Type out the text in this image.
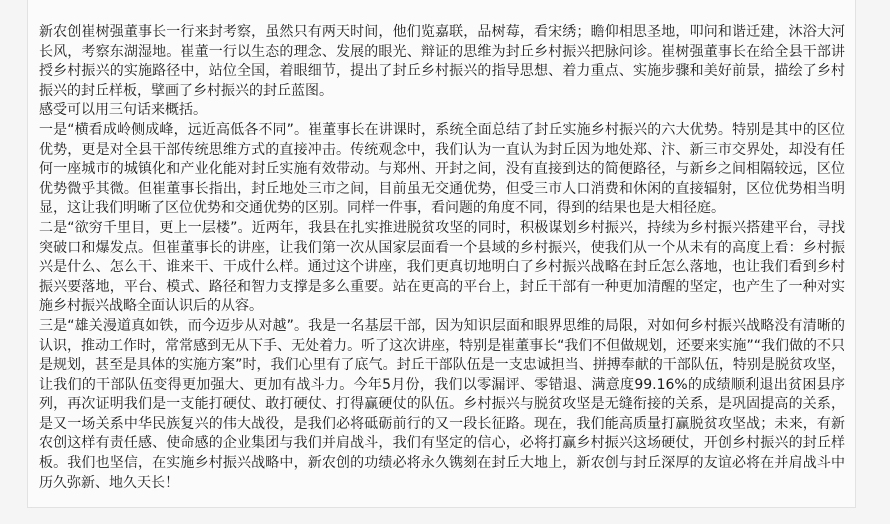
新农创崔树强董事长一行来封考察，虽然只有两天时间，他们览嘉联，品树莓，看宋绣；瞻仰相思圣地，叩问和谐迁建，沐浴大河长风，考察东湖湿地。崔董一行以生态的理念、发展的眼光、辩证的思维为封丘乡村振兴把脉问诊。崔树强董事长在给全县干部讲授乡村振兴的实施路径中，站位全国，着眼细节，提出了封丘乡村振兴的指导思想、着力重点、实施步骤和美好前景，描绘了乡村振兴的封丘样板，擘画了乡村振兴的封丘蓝图。

感受可以用三句话来概括。

一是“横看成岭侧成峰，远近高低各不同”。崔董事长在讲课时，系统全面总结了封丘实施乡村振兴的六大优势。特别是其中的区位优势，更是对全县干部传统思维方式的直接冲击。传统观念中，我们认为一直认为封丘因为地处郑、汴、新三市交界处，却没有任何一座城市的城镇化和产业化能对封丘实施有效带动。与郑州、开封之间，没有直接到达的简便路径，与新乡之间相隔较远，区位优势微乎其微。但崔董事长指出，封丘地处三市之间，目前虽无交通优势，但受三市人口消费和休闲的直接辐射，区位优势相当明显，这让我们明晰了区位优势和交通优势的区别。同样一件事，看问题的角度不同，得到的结果也是大相径庭。

二是“欲穷千里目，更上一层楼”。近两年，我县在扎实推进脱贫攻坚的同时，积极谋划乡村振兴，持续为乡村振兴搭建平台，寻找突破口和爆发点。但崔董事长的讲座，让我们第一次从国家层面看一个县域的乡村振兴，使我们从一个从未有的高度上看：乡村振兴是什么、怎么干、谁来干、干成什么样。通过这个讲座，我们更真切地明白了乡村振兴战略在封丘怎么落地，也让我们看到乡村振兴要落地，平台、模式、路径和智力支撑是多么重要。站在更高的平台上，封丘干部有一种更加清醒的坚定，也产生了一种对实施乡村振兴战略全面认识后的从容。

三是“雄关漫道真如铁，而今迈步从对越”。我是一名基层干部，因为知识层面和眼界思维的局限，对如何乡村振兴战略没有清晰的认识，推动工作时，常常感到无从下手、无处着力。听了这次讲座，特别是崔董事长“我们不但做规划，还要来实施”“我们做的不只是规划，甚至是具体的实施方案”时，我们心里有了底气。封丘干部队伍是一支忠诚担当、拼搏奉献的干部队伍，特别是脱贫攻坚，让我们的干部队伍变得更加强大、更加有战斗力。今年5月份，我们以零漏评、零错退、满意度99.16%的成绩顺利退出贫困县序列，再次证明我们是一支能打硬仗、敢打硬仗、打得赢硬仗的队伍。乡村振兴与脱贫攻坚是无缝衔接的关系，是巩固提高的关系，是又一场关系中华民族复兴的伟大战役，是我们必将砥砺前行的又一段长征路。现在，我们能高质量打赢脱贫攻坚战；未来，有新农创这样有责任感、使命感的企业集团与我们并肩战斗，我们有坚定的信心，必将打赢乡村振兴这场硬仗，开创乡村振兴的封丘样板。我们也坚信，在实施乡村振兴战略中，新农创的功绩必将永久镌刻在封丘大地上，新农创与封丘深厚的友谊必将在并肩战斗中历久弥新、地久天长！
